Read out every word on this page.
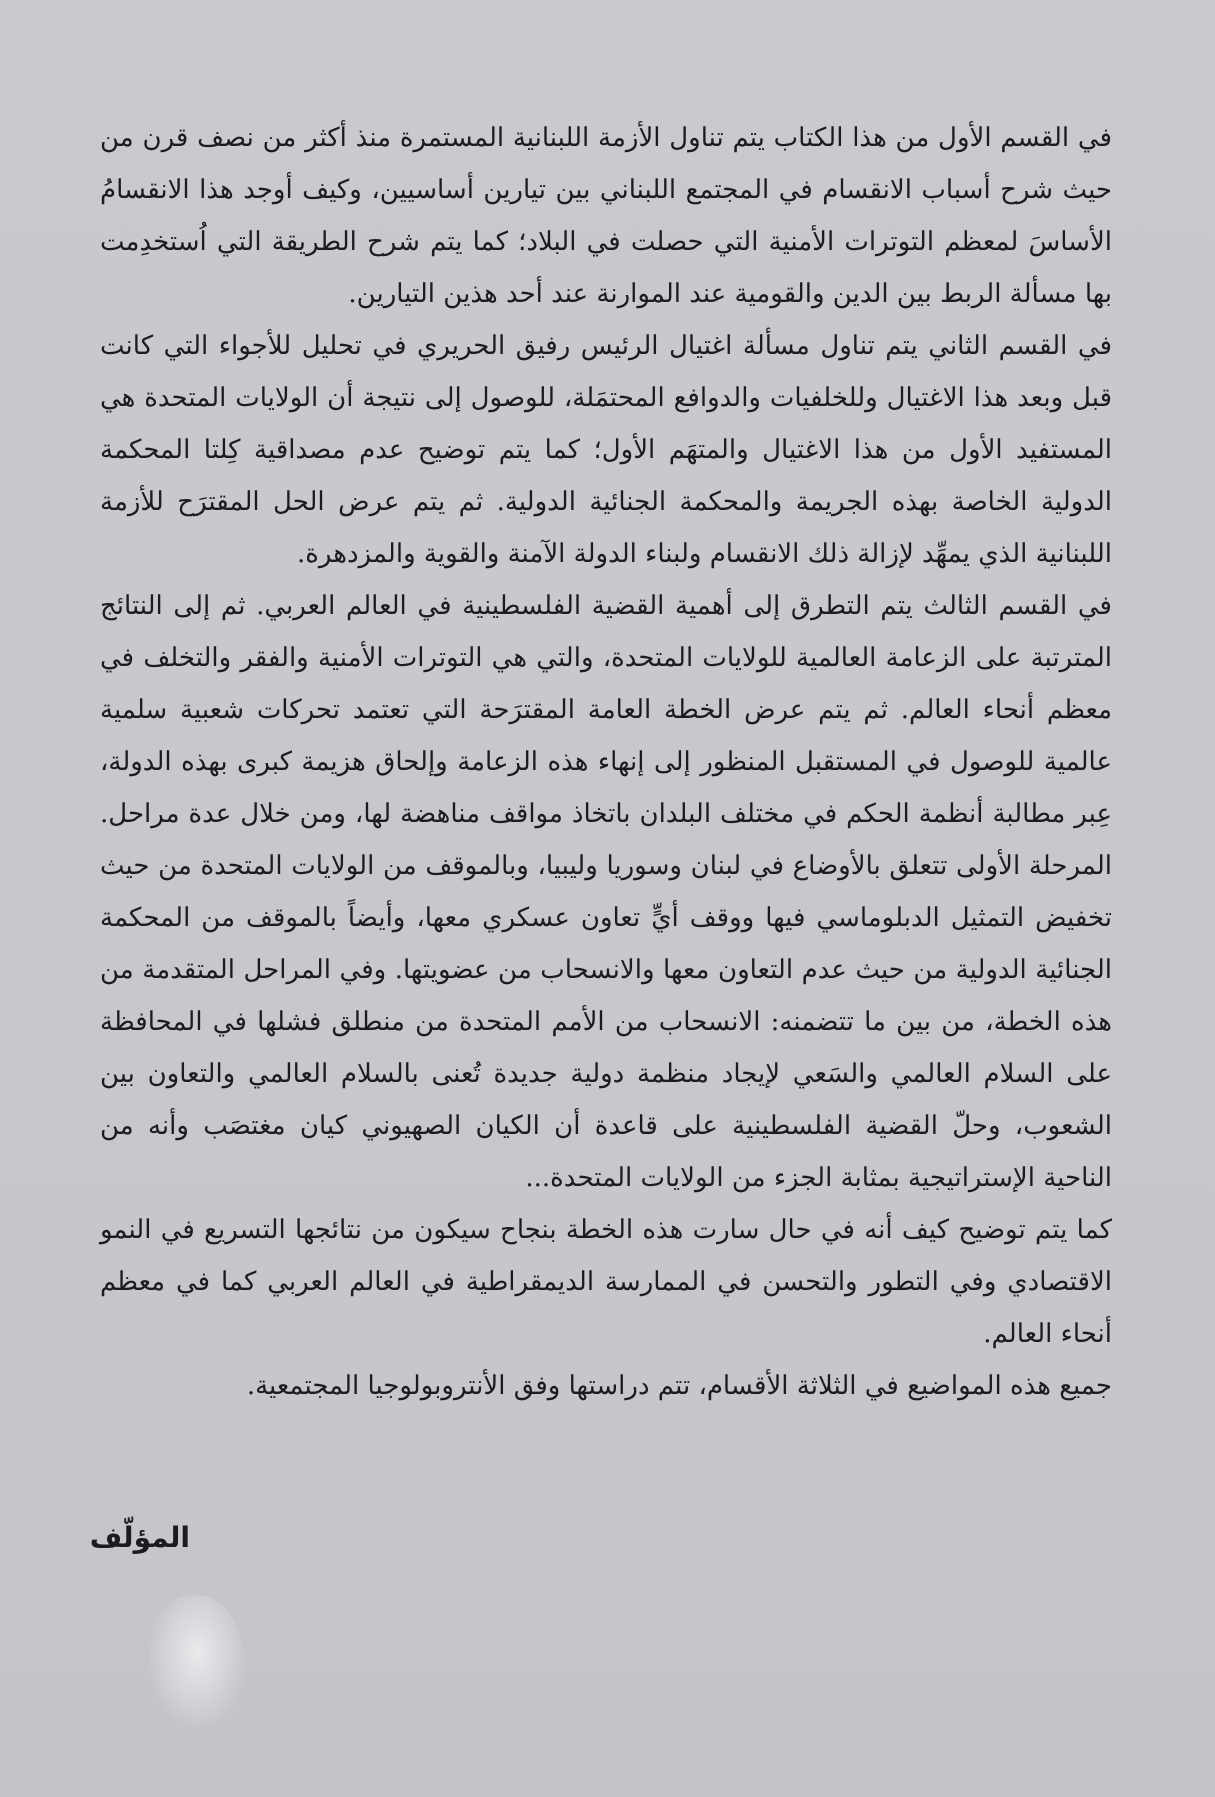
في القسم الأول من هذا الكتاب يتم تناول الأزمة اللبنانية المستمرة منذ أكثر من نصف قرن من حيث شرح أسباب الانقسام في المجتمع اللبناني بين تيارين أساسيين، وكيف أوجد هذا الانقسامُ الأساسَ لمعظم التوترات الأمنية التي حصلت في البلاد؛ كما يتم شرح الطريقة التي اُستخدِمت بها مسألة الربط بين الدين والقومية عند الموارنة عند أحد هذين التيارين.

في القسم الثاني يتم تناول مسألة اغتيال الرئيس رفيق الحريري في تحليل للأجواء التي كانت قبل وبعد هذا الاغتيال وللخلفيات والدوافع المحتمَلة، للوصول إلى نتيجة أن الولايات المتحدة هي المستفيد الأول من هذا الاغتيال والمتهَم الأول؛ كما يتم توضيح عدم مصداقية كِلتا المحكمة الدولية الخاصة بهذه الجريمة والمحكمة الجنائية الدولية. ثم يتم عرض الحل المقترَح للأزمة اللبنانية الذي يمهِّد لإزالة ذلك الانقسام ولبناء الدولة الآمنة والقوية والمزدهرة.

في القسم الثالث يتم التطرق إلى أهمية القضية الفلسطينية في العالم العربي. ثم إلى النتائج المترتبة على الزعامة العالمية للولايات المتحدة، والتي هي التوترات الأمنية والفقر والتخلف في معظم أنحاء العالم. ثم يتم عرض الخطة العامة المقترَحة التي تعتمد تحركات شعبية سلمية عالمية للوصول في المستقبل المنظور إلى إنهاء هذه الزعامة وإلحاق هزيمة كبرى بهذه الدولة، عِبر مطالبة أنظمة الحكم في مختلف البلدان باتخاذ مواقف مناهضة لها، ومن خلال عدة مراحل. المرحلة الأولى تتعلق بالأوضاع في لبنان وسوريا وليبيا، وبالموقف من الولايات المتحدة من حيث تخفيض التمثيل الدبلوماسي فيها ووقف أيٍّ تعاون عسكري معها، وأيضاً بالموقف من المحكمة الجنائية الدولية من حيث عدم التعاون معها والانسحاب من عضويتها. وفي المراحل المتقدمة من هذه الخطة، من بين ما تتضمنه: الانسحاب من الأمم المتحدة من منطلق فشلها في المحافظة على السلام العالمي والسَعي لإيجاد منظمة دولية جديدة تُعنى بالسلام العالمي والتعاون بين الشعوب، وحلّ القضية الفلسطينية على قاعدة أن الكيان الصهيوني كيان مغتصَب وأنه من الناحية الإستراتيجية بمثابة الجزء من الولايات المتحدة...

كما يتم توضيح كيف أنه في حال سارت هذه الخطة بنجاح سيكون من نتائجها التسريع في النمو الاقتصادي وفي التطور والتحسن في الممارسة الديمقراطية في العالم العربي كما في معظم أنحاء العالم.

جميع هذه المواضيع في الثلاثة الأقسام، تتم دراستها وفق الأنتروبولوجيا المجتمعية.

المؤلّف
